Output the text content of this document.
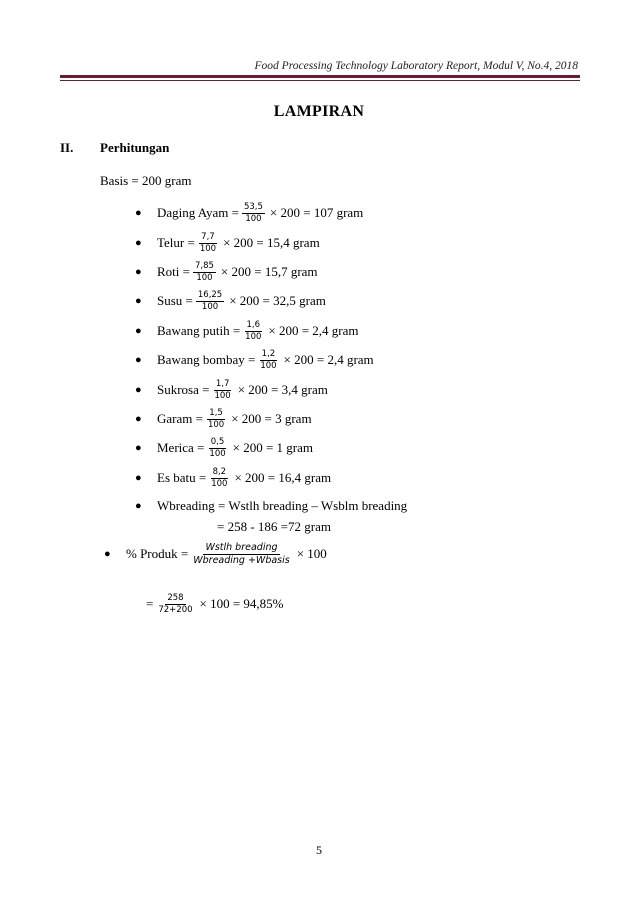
Food Processing Technology Laboratory Report, Modul V, No.4, 2018
LAMPIRAN
II. Perhitungan
Basis = 200 gram
●	Daging Ayam = $\frac{53,5}{100} \times 200 = 107$ gram
●	Telur = $\frac{7,7}{100} \times 200 = 15,4$ gram
●	Roti = $\frac{7,85}{100} \times 200 = 15,7$ gram
●	Susu = $\frac{16,25}{100} \times 200 = 32,5$ gram
●	Bawang putih = $\frac{1,6}{100} \times 200 = 2,4$ gram
●	Bawang bombay = $\frac{1,2}{100} \times 200 = 2,4$ gram
●	Sukrosa = $\frac{1,7}{100} \times 200 = 3,4$ gram
●	Garam = $\frac{1,5}{100} \times 200 = 3$ gram
●	Merica = $\frac{0,5}{100} \times 200 = 1$ gram
●	Es batu = $\frac{8,2}{100} \times 200 = 16,4$ gram
●	Wbreading = Wstlh breading – Wsblm breading
= 258 - 186 =72 gram
●	% Produk = $\frac{\text{Wstlh breading}}{\text{Wbreading +Wbasis}} \times 100$
= $\frac{258}{72+200} \times 100 = 94,85\%$
5
